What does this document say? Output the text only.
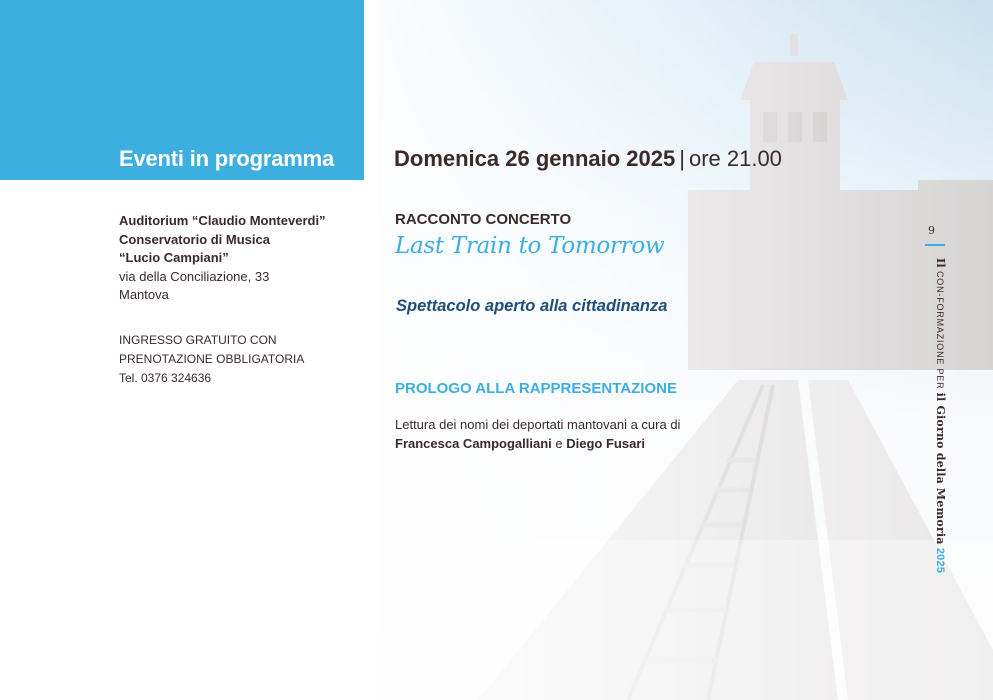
Eventi in programma	Domenica 26 gennaio 2025 | ore 21.00
Auditorium “Claudio Monteverdi”
Conservatorio di Musica
“Lucio Campiani”
via della Conciliazione, 33
Mantova
INGRESSO GRATUITO CON
PRENOTAZIONE OBBLIGATORIA
Tel. 0376 324636
RACCONTO CONCERTO
Last Train to Tomorrow
Spettacolo aperto alla cittadinanza
PROLOGO ALLA RAPPRESENTAZIONE
Lettura dei nomi dei deportati mantovani a cura di
Francesca Campogalliani e Diego Fusari
9
Il CON-FORMAZIONE PER il Giorno della Memoria 2025
